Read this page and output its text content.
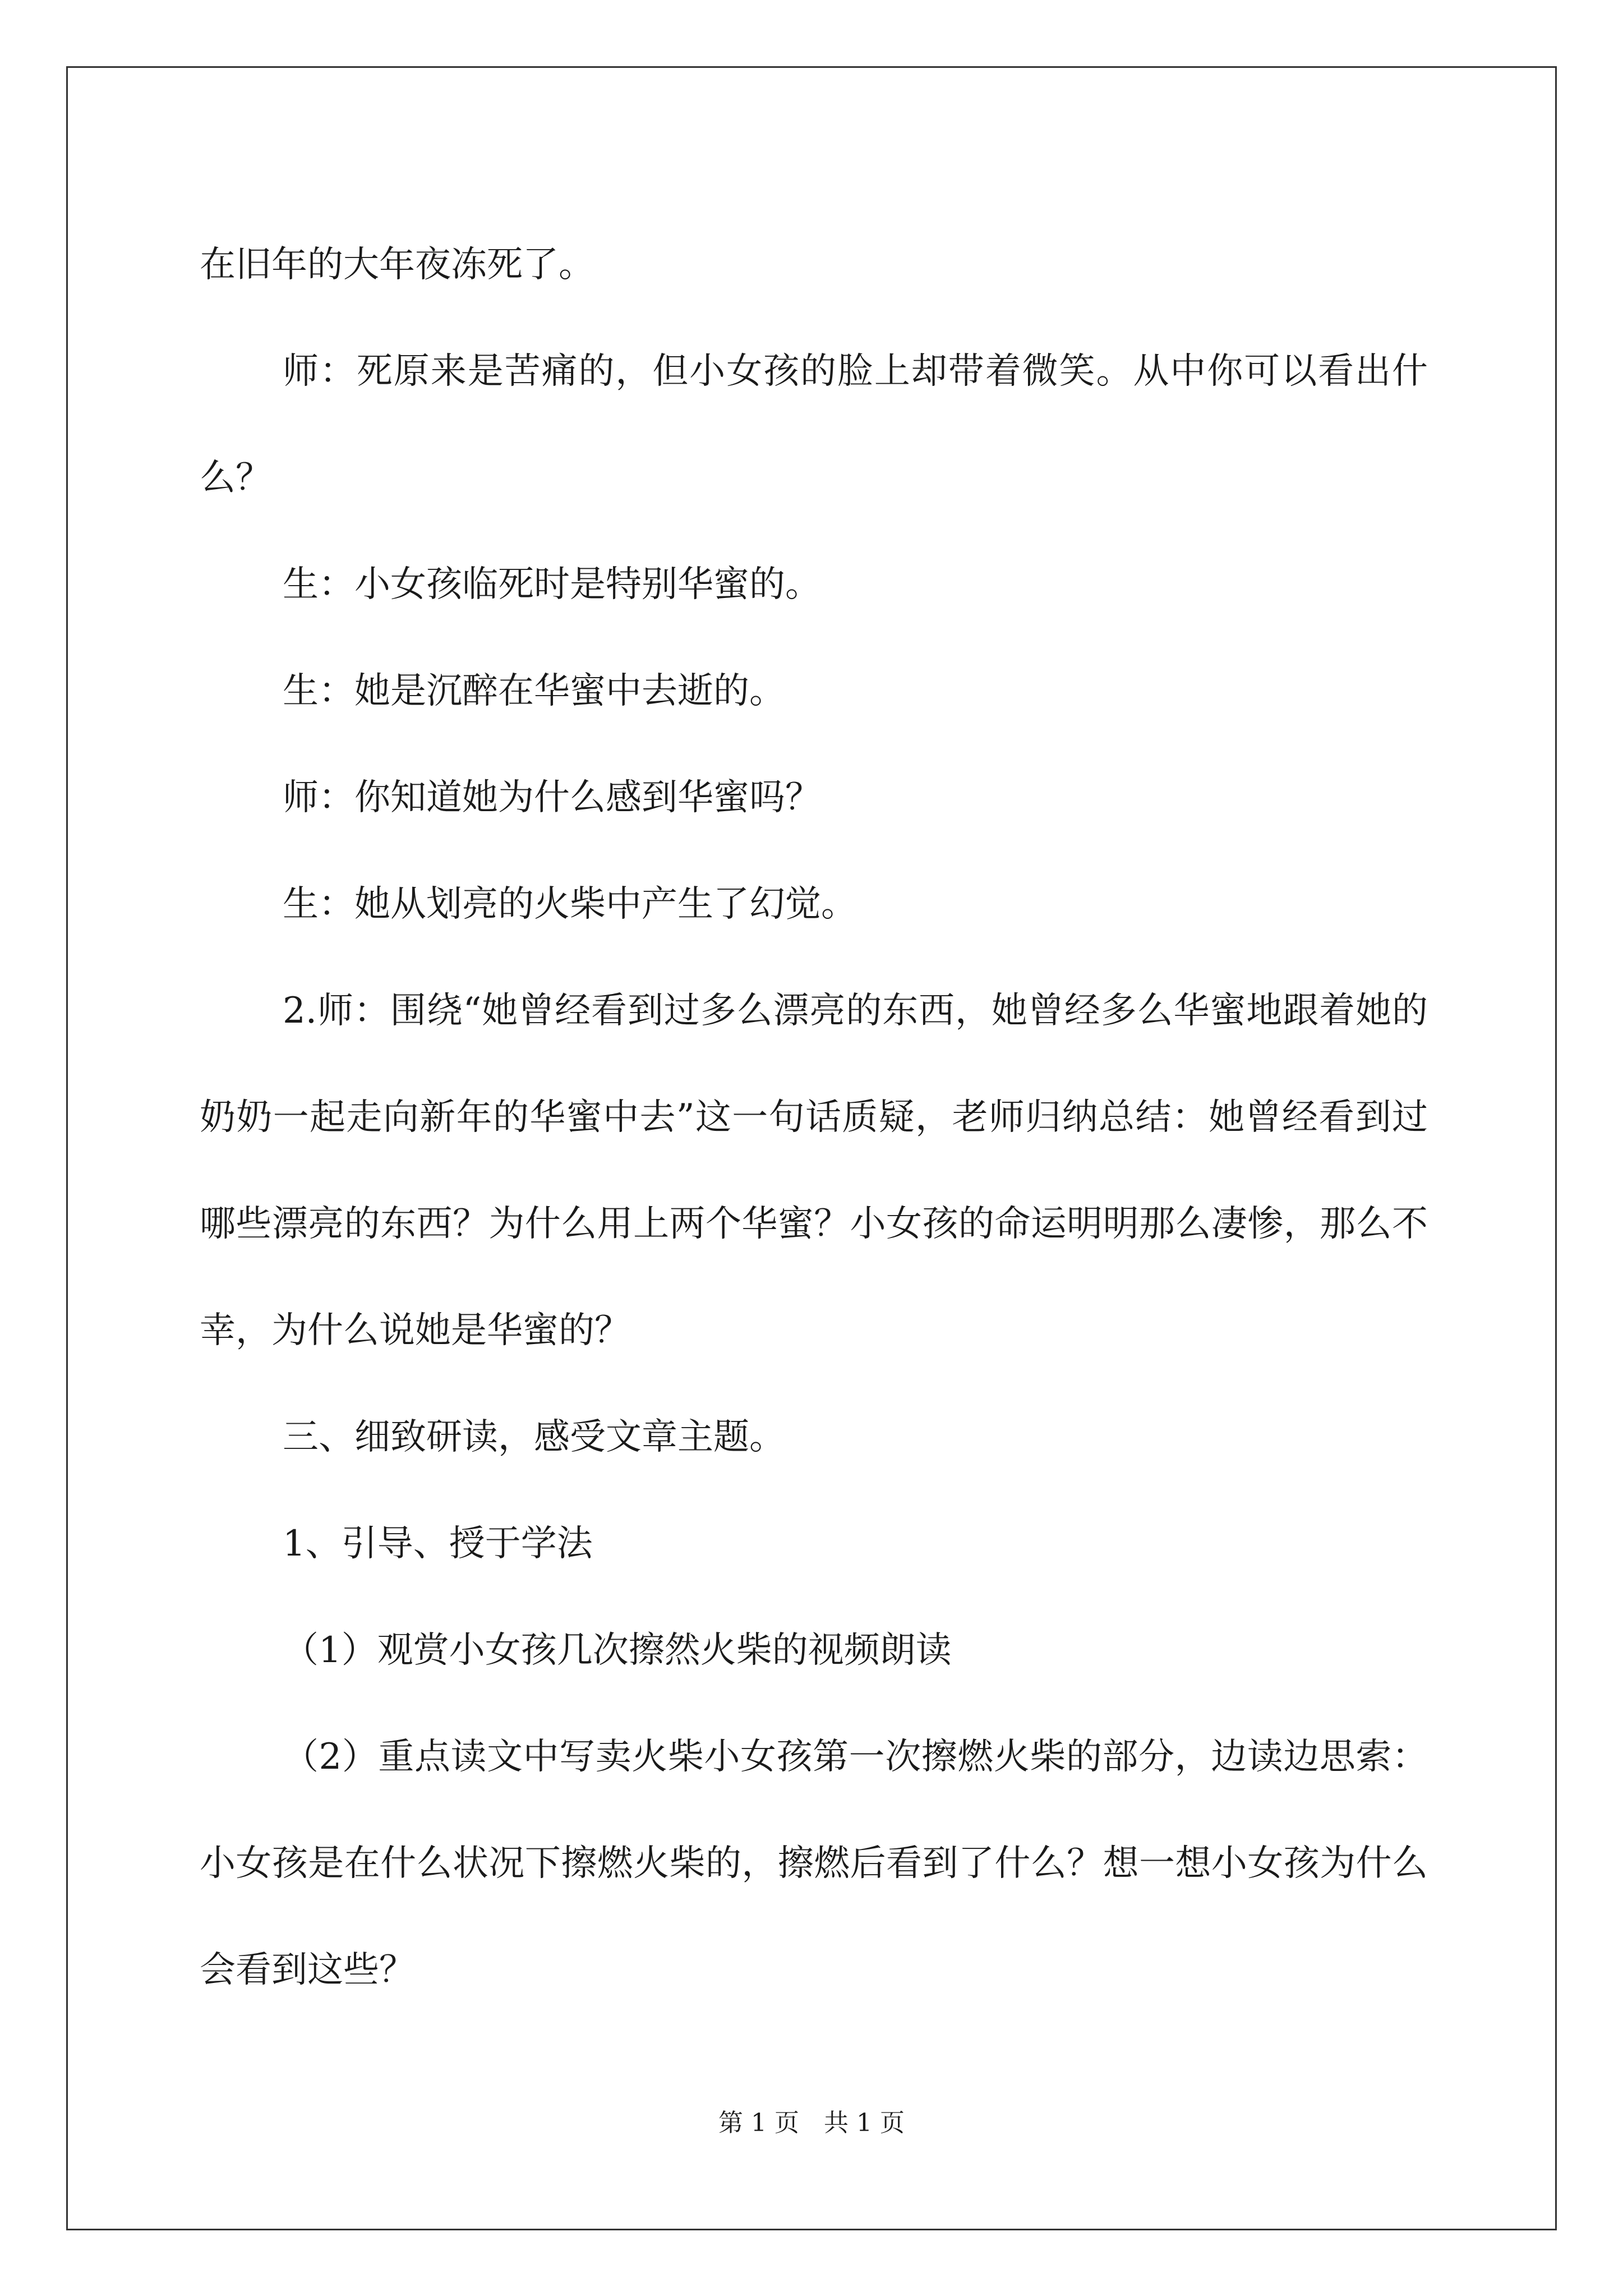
在旧年的大年夜冻死了。

师：死原来是苦痛的，但小女孩的脸上却带着微笑。从中你可以看出什么？

生：小女孩临死时是特别华蜜的。

生：她是沉醉在华蜜中去逝的。

师：你知道她为什么感到华蜜吗？

生：她从划亮的火柴中产生了幻觉。

2.师：围绕“她曾经看到过多么漂亮的东西，她曾经多么华蜜地跟着她的奶奶一起走向新年的华蜜中去”这一句话质疑，老师归纳总结：她曾经看到过哪些漂亮的东西？为什么用上两个华蜜？小女孩的命运明明那么凄惨，那么不幸，为什么说她是华蜜的？

三、细致研读，感受文章主题。

1、引导、授于学法

（1）观赏小女孩几次擦然火柴的视频朗读

（2）重点读文中写卖火柴小女孩第一次擦燃火柴的部分，边读边思索：小女孩是在什么状况下擦燃火柴的，擦燃后看到了什么？想一想小女孩为什么会看到这些？

第 1 页　共 1 页
